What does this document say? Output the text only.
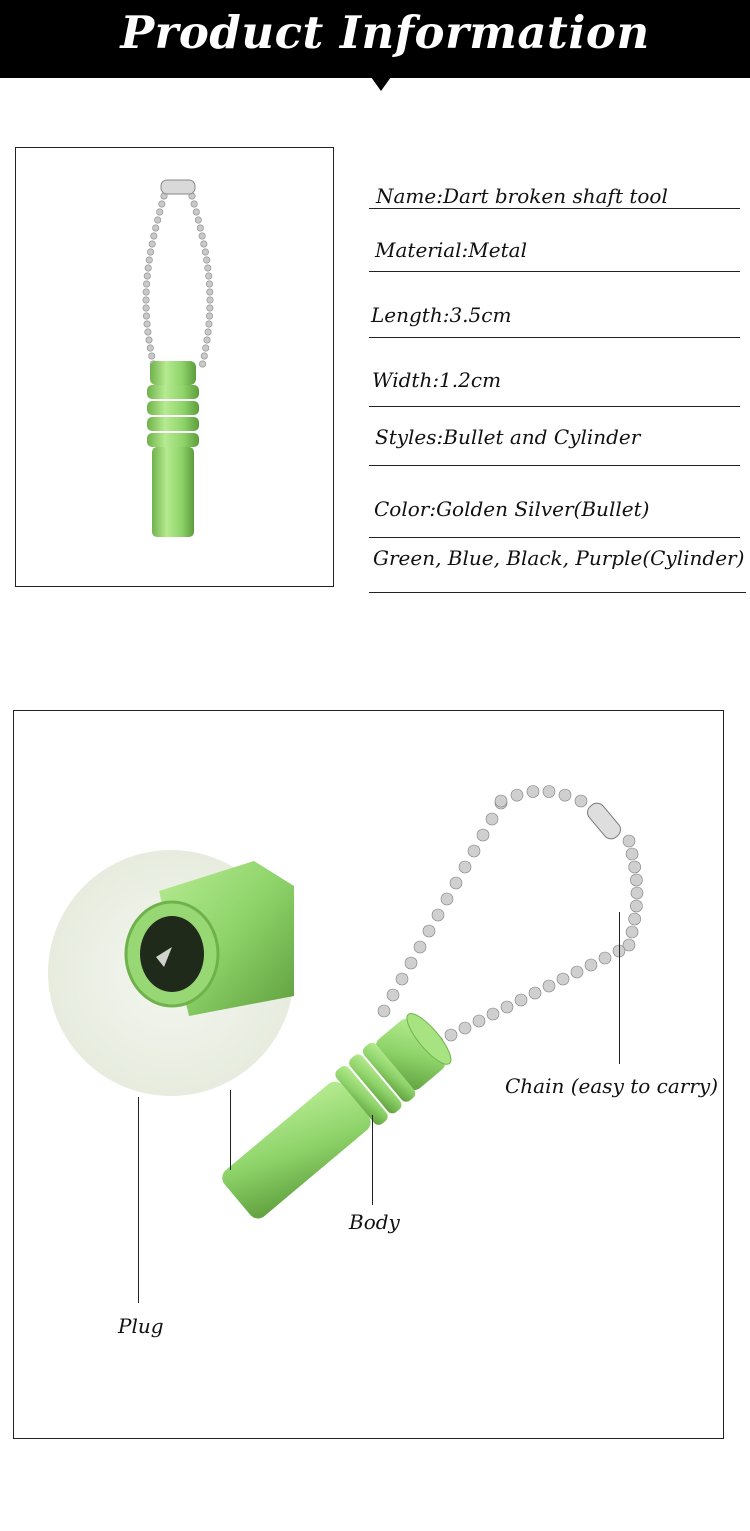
Product Information
Name:Dart broken shaft tool
Material:Metal
Length:3.5cm
Width:1.2cm
Styles:Bullet and Cylinder
Color:Golden Silver(Bullet)
Green, Blue, Black, Purple(Cylinder)
Chain (easy to carry)
Body
Plug
